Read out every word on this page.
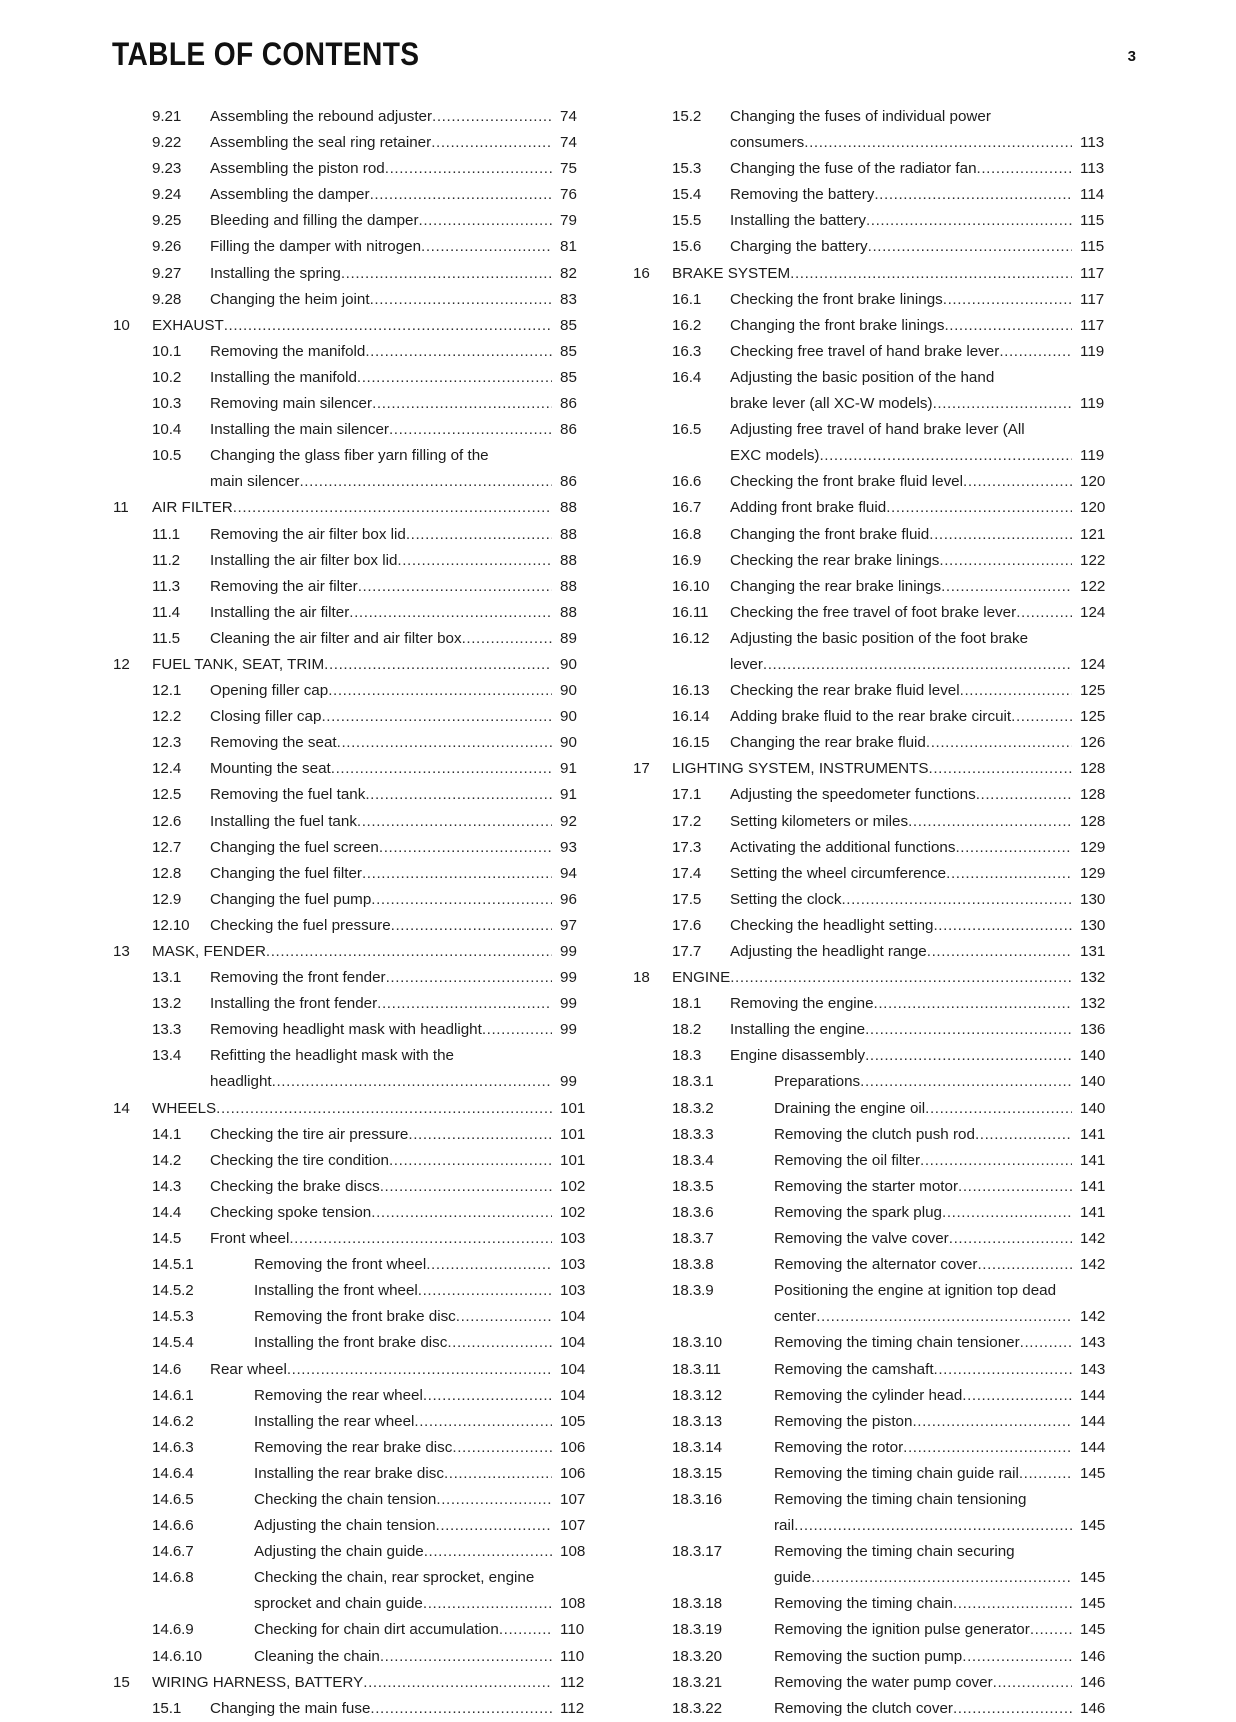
TABLE OF CONTENTS	3
9.21	Assembling the rebound adjuster .....	74
9.22	Assembling the seal ring retainer .....	74
9.23	Assembling the piston rod .....	75
9.24	Assembling the damper .....	76
9.25	Bleeding and filling the damper .....	79
9.26	Filling the damper with nitrogen .....	81
9.27	Installing the spring .....	82
9.28	Changing the heim joint .....	83
10	EXHAUST .....	85
10.1	Removing the manifold .....	85
10.2	Installing the manifold .....	85
10.3	Removing main silencer .....	86
10.4	Installing the main silencer .....	86
10.5	Changing the glass fiber yarn filling of the
main silencer .....	86
11	AIR FILTER .....	88
11.1	Removing the air filter box lid .....	88
11.2	Installing the air filter box lid .....	88
11.3	Removing the air filter .....	88
11.4	Installing the air filter .....	88
11.5	Cleaning the air filter and air filter box .....	89
12	FUEL TANK, SEAT, TRIM .....	90
12.1	Opening filler cap .....	90
12.2	Closing filler cap .....	90
12.3	Removing the seat .....	90
12.4	Mounting the seat .....	91
12.5	Removing the fuel tank .....	91
12.6	Installing the fuel tank .....	92
12.7	Changing the fuel screen .....	93
12.8	Changing the fuel filter .....	94
12.9	Changing the fuel pump .....	96
12.10	Checking the fuel pressure .....	97
13	MASK, FENDER .....	99
13.1	Removing the front fender .....	99
13.2	Installing the front fender .....	99
13.3	Removing headlight mask with headlight .....	99
13.4	Refitting the headlight mask with the
headlight .....	99
14	WHEELS .....	101
14.1	Checking the tire air pressure .....	101
14.2	Checking the tire condition .....	101
14.3	Checking the brake discs .....	102
14.4	Checking spoke tension .....	102
14.5	Front wheel .....	103
14.5.1	Removing the front wheel .....	103
14.5.2	Installing the front wheel .....	103
14.5.3	Removing the front brake disc .....	104
14.5.4	Installing the front brake disc .....	104
14.6	Rear wheel .....	104
14.6.1	Removing the rear wheel .....	104
14.6.2	Installing the rear wheel .....	105
14.6.3	Removing the rear brake disc .....	106
14.6.4	Installing the rear brake disc .....	106
14.6.5	Checking the chain tension .....	107
14.6.6	Adjusting the chain tension .....	107
14.6.7	Adjusting the chain guide .....	108
14.6.8	Checking the chain, rear sprocket, engine
sprocket and chain guide .....	108
14.6.9	Checking for chain dirt accumulation .....	110
14.6.10	Cleaning the chain .....	110
15	WIRING HARNESS, BATTERY .....	112
15.1	Changing the main fuse .....	112
15.2	Changing the fuses of individual power
consumers .....	113
15.3	Changing the fuse of the radiator fan .....	113
15.4	Removing the battery .....	114
15.5	Installing the battery .....	115
15.6	Charging the battery .....	115
16	BRAKE SYSTEM .....	117
16.1	Checking the front brake linings .....	117
16.2	Changing the front brake linings .....	117
16.3	Checking free travel of hand brake lever .....	119
16.4	Adjusting the basic position of the hand
brake lever (all XC-W models) .....	119
16.5	Adjusting free travel of hand brake lever (All
EXC models) .....	119
16.6	Checking the front brake fluid level .....	120
16.7	Adding front brake fluid .....	120
16.8	Changing the front brake fluid .....	121
16.9	Checking the rear brake linings .....	122
16.10	Changing the rear brake linings .....	122
16.11	Checking the free travel of foot brake lever .....	124
16.12	Adjusting the basic position of the foot brake
lever .....	124
16.13	Checking the rear brake fluid level .....	125
16.14	Adding brake fluid to the rear brake circuit .....	125
16.15	Changing the rear brake fluid .....	126
17	LIGHTING SYSTEM, INSTRUMENTS .....	128
17.1	Adjusting the speedometer functions .....	128
17.2	Setting kilometers or miles .....	128
17.3	Activating the additional functions .....	129
17.4	Setting the wheel circumference .....	129
17.5	Setting the clock .....	130
17.6	Checking the headlight setting .....	130
17.7	Adjusting the headlight range .....	131
18	ENGINE .....	132
18.1	Removing the engine .....	132
18.2	Installing the engine .....	136
18.3	Engine disassembly .....	140
18.3.1	Preparations .....	140
18.3.2	Draining the engine oil .....	140
18.3.3	Removing the clutch push rod .....	141
18.3.4	Removing the oil filter .....	141
18.3.5	Removing the starter motor .....	141
18.3.6	Removing the spark plug .....	141
18.3.7	Removing the valve cover .....	142
18.3.8	Removing the alternator cover .....	142
18.3.9	Positioning the engine at ignition top dead
center .....	142
18.3.10	Removing the timing chain tensioner .....	143
18.3.11	Removing the camshaft .....	143
18.3.12	Removing the cylinder head .....	144
18.3.13	Removing the piston .....	144
18.3.14	Removing the rotor .....	144
18.3.15	Removing the timing chain guide rail .....	145
18.3.16	Removing the timing chain tensioning
rail .....	145
18.3.17	Removing the timing chain securing
guide .....	145
18.3.18	Removing the timing chain .....	145
18.3.19	Removing the ignition pulse generator .....	145
18.3.20	Removing the suction pump .....	146
18.3.21	Removing the water pump cover .....	146
18.3.22	Removing the clutch cover .....	146
